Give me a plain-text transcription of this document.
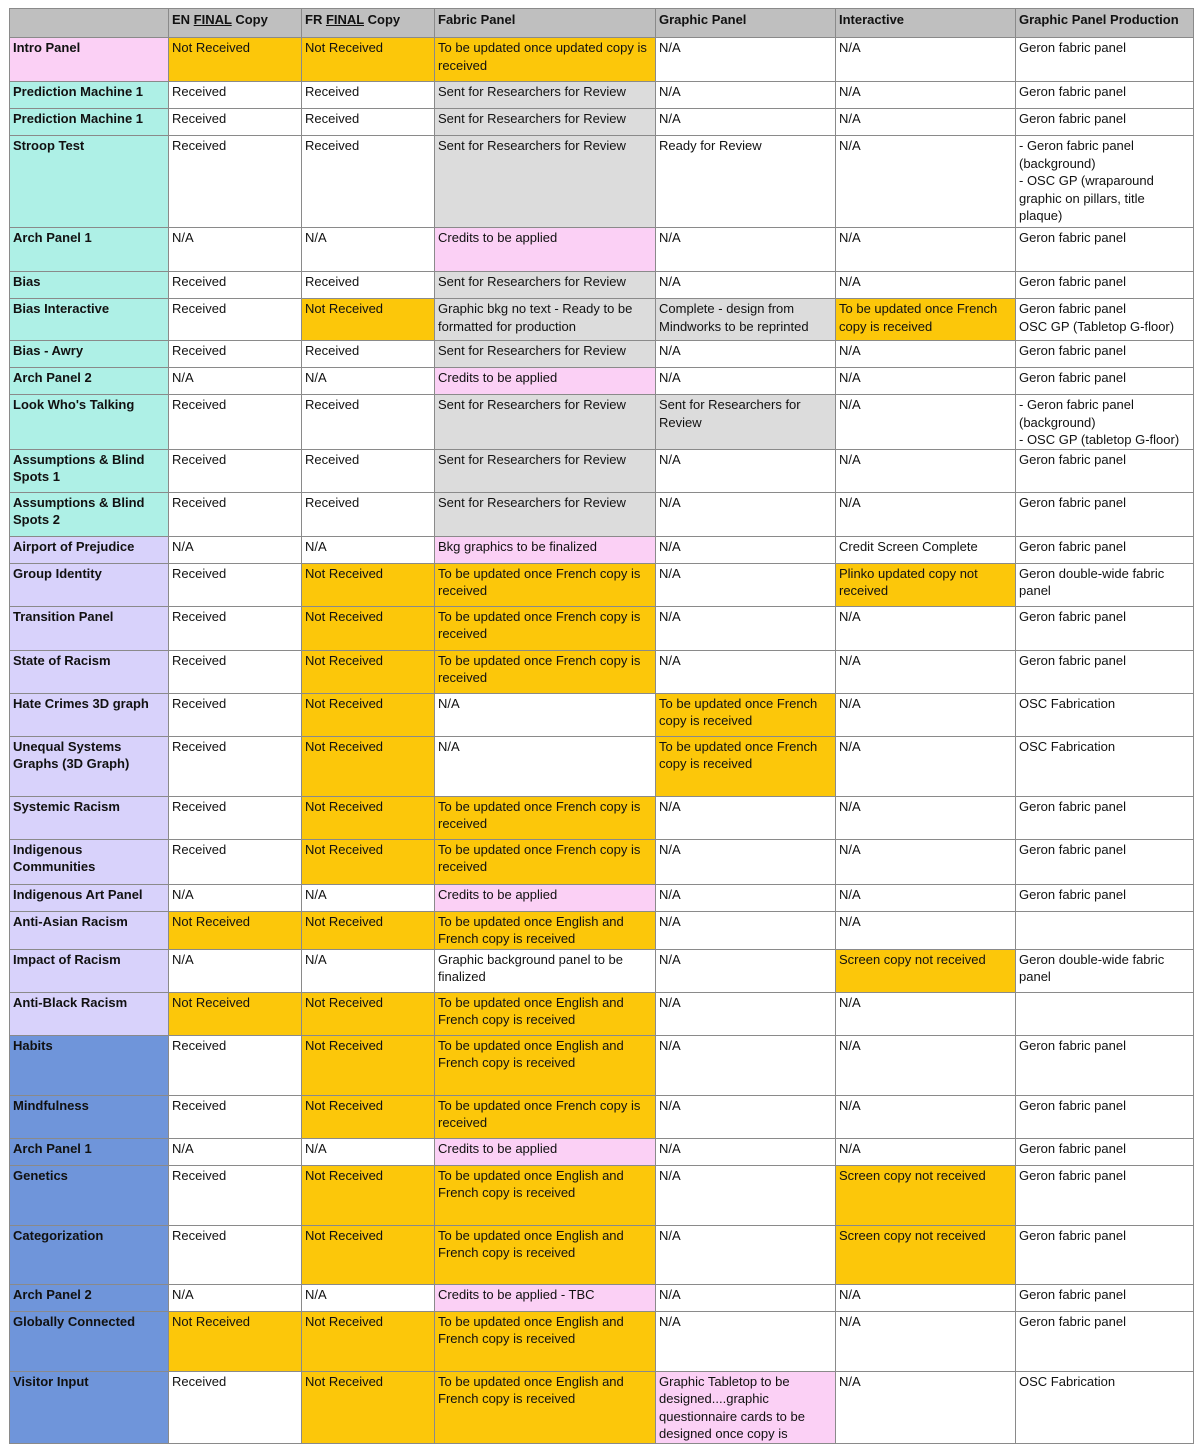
	EN FINAL Copy	FR FINAL Copy	Fabric Panel	Graphic Panel	Interactive	Graphic Panel Production
Intro Panel	Not Received	Not Received	To be updated once updated copy is received	N/A	N/A	Geron fabric panel
Prediction Machine 1	Received	Received	Sent for Researchers for Review	N/A	N/A	Geron fabric panel
Prediction Machine 1	Received	Received	Sent for Researchers for Review	N/A	N/A	Geron fabric panel
Stroop Test	Received	Received	Sent for Researchers for Review	Ready for Review	N/A	- Geron fabric panel (background)
- OSC GP (wraparound graphic on pillars, title plaque)
Arch Panel 1	N/A	N/A	Credits to be applied	N/A	N/A	Geron fabric panel
Bias	Received	Received	Sent for Researchers for Review	N/A	N/A	Geron fabric panel
Bias Interactive	Received	Not Received	Graphic bkg no text - Ready to be formatted for production	Complete - design from Mindworks to be reprinted	To be updated once French copy is received	Geron fabric panel
OSC GP (Tabletop G-floor)
Bias - Awry	Received	Received	Sent for Researchers for Review	N/A	N/A	Geron fabric panel
Arch Panel 2	N/A	N/A	Credits to be applied	N/A	N/A	Geron fabric panel
Look Who's Talking	Received	Received	Sent for Researchers for Review	Sent for Researchers for Review	N/A	- Geron fabric panel (background)
- OSC GP (tabletop G-floor)
Assumptions & Blind Spots 1	Received	Received	Sent for Researchers for Review	N/A	N/A	Geron fabric panel
Assumptions & Blind Spots 2	Received	Received	Sent for Researchers for Review	N/A	N/A	Geron fabric panel
Airport of Prejudice	N/A	N/A	Bkg graphics to be finalized	N/A	Credit Screen Complete	Geron fabric panel
Group Identity	Received	Not Received	To be updated once French copy is received	N/A	Plinko updated copy not received	Geron double-wide fabric panel
Transition Panel	Received	Not Received	To be updated once French copy is received	N/A	N/A	Geron fabric panel
State of Racism	Received	Not Received	To be updated once French copy is received	N/A	N/A	Geron fabric panel
Hate Crimes 3D graph	Received	Not Received	N/A	To be updated once French copy is received	N/A	OSC Fabrication
Unequal Systems Graphs (3D Graph)	Received	Not Received	N/A	To be updated once French copy is received	N/A	OSC Fabrication
Systemic Racism	Received	Not Received	To be updated once French copy is received	N/A	N/A	Geron fabric panel
Indigenous Communities	Received	Not Received	To be updated once French copy is received	N/A	N/A	Geron fabric panel
Indigenous Art Panel	N/A	N/A	Credits to be applied	N/A	N/A	Geron fabric panel
Anti-Asian Racism	Not Received	Not Received	To be updated once English and French copy is received	N/A	N/A	
Impact of Racism	N/A	N/A	Graphic background panel to be finalized	N/A	Screen copy not received	Geron double-wide fabric panel
Anti-Black Racism	Not Received	Not Received	To be updated once English and French copy is received	N/A	N/A	
Habits	Received	Not Received	To be updated once English and French copy is received	N/A	N/A	Geron fabric panel
Mindfulness	Received	Not Received	To be updated once French copy is received	N/A	N/A	Geron fabric panel
Arch Panel 1	N/A	N/A	Credits to be applied	N/A	N/A	Geron fabric panel
Genetics	Received	Not Received	To be updated once English and French copy is received	N/A	Screen copy not received	Geron fabric panel
Categorization	Received	Not Received	To be updated once English and French copy is received	N/A	Screen copy not received	Geron fabric panel
Arch Panel 2	N/A	N/A	Credits to be applied - TBC	N/A	N/A	Geron fabric panel
Globally Connected	Not Received	Not Received	To be updated once English and French copy is received	N/A	N/A	Geron fabric panel
Visitor Input	Received	Not Received	To be updated once English and French copy is received	Graphic Tabletop to be designed....graphic questionnaire cards to be designed once copy is	N/A	OSC Fabrication
